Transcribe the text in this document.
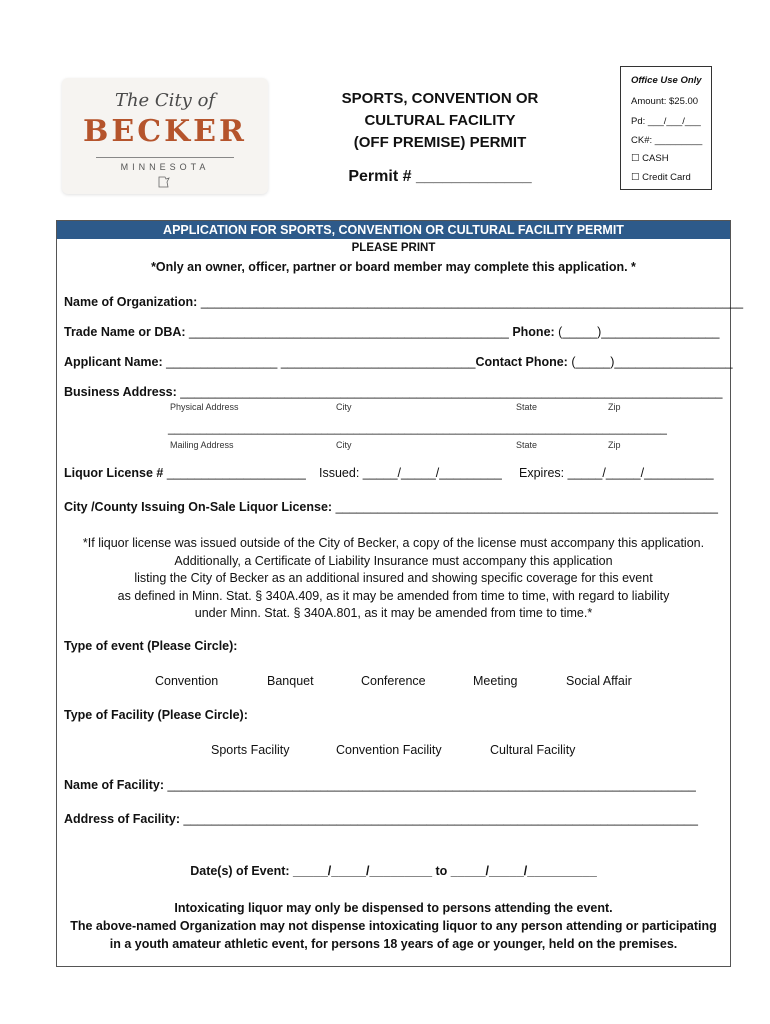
The City of
BECKER
MINNESOTA
SPORTS, CONVENTION OR
CULTURAL FACILITY
(OFF PREMISE) PERMIT
Permit # _____________
Office Use Only
Amount: $25.00
Pd: ___/___/___
CK#: _________
☐ CASH
☐ Credit Card
APPLICATION FOR SPORTS, CONVENTION OR CULTURAL FACILITY PERMIT
PLEASE PRINT
*Only an owner, officer, partner or board member may complete this application. *
Name of Organization: ______________________________________________________________________________
Trade Name or DBA: ______________________________________________ Phone: (_____)_________________
Applicant Name: ________________ ____________________________Contact Phone: (_____)_________________
Business Address: ______________________________________________________________________________
Physical Address	City	State	Zip
______________________________________________________________________________
Mailing Address	City	State	Zip
Liquor License # ____________________ Issued: _____/_____/_________ Expires: _____/_____/__________
City /County Issuing On-Sale Liquor License: _______________________________________________________
*If liquor license was issued outside of the City of Becker, a copy of the license must accompany this application.
Additionally, a Certificate of Liability Insurance must accompany this application
listing the City of Becker as an additional insured and showing specific coverage for this event
as defined in Minn. Stat. § 340A.409, as it may be amended from time to time, with regard to liability
under Minn. Stat. § 340A.801, as it may be amended from time to time.*
Type of event (Please Circle):
Convention	Banquet	Conference	Meeting	Social Affair
Type of Facility (Please Circle):
Sports Facility	Convention Facility	Cultural Facility
Name of Facility: ____________________________________________________________________________
Address of Facility: __________________________________________________________________________
Date(s) of Event: _____/_____/_________ to _____/_____/__________
Intoxicating liquor may only be dispensed to persons attending the event.
The above-named Organization may not dispense intoxicating liquor to any person attending or participating
in a youth amateur athletic event, for persons 18 years of age or younger, held on the premises.
